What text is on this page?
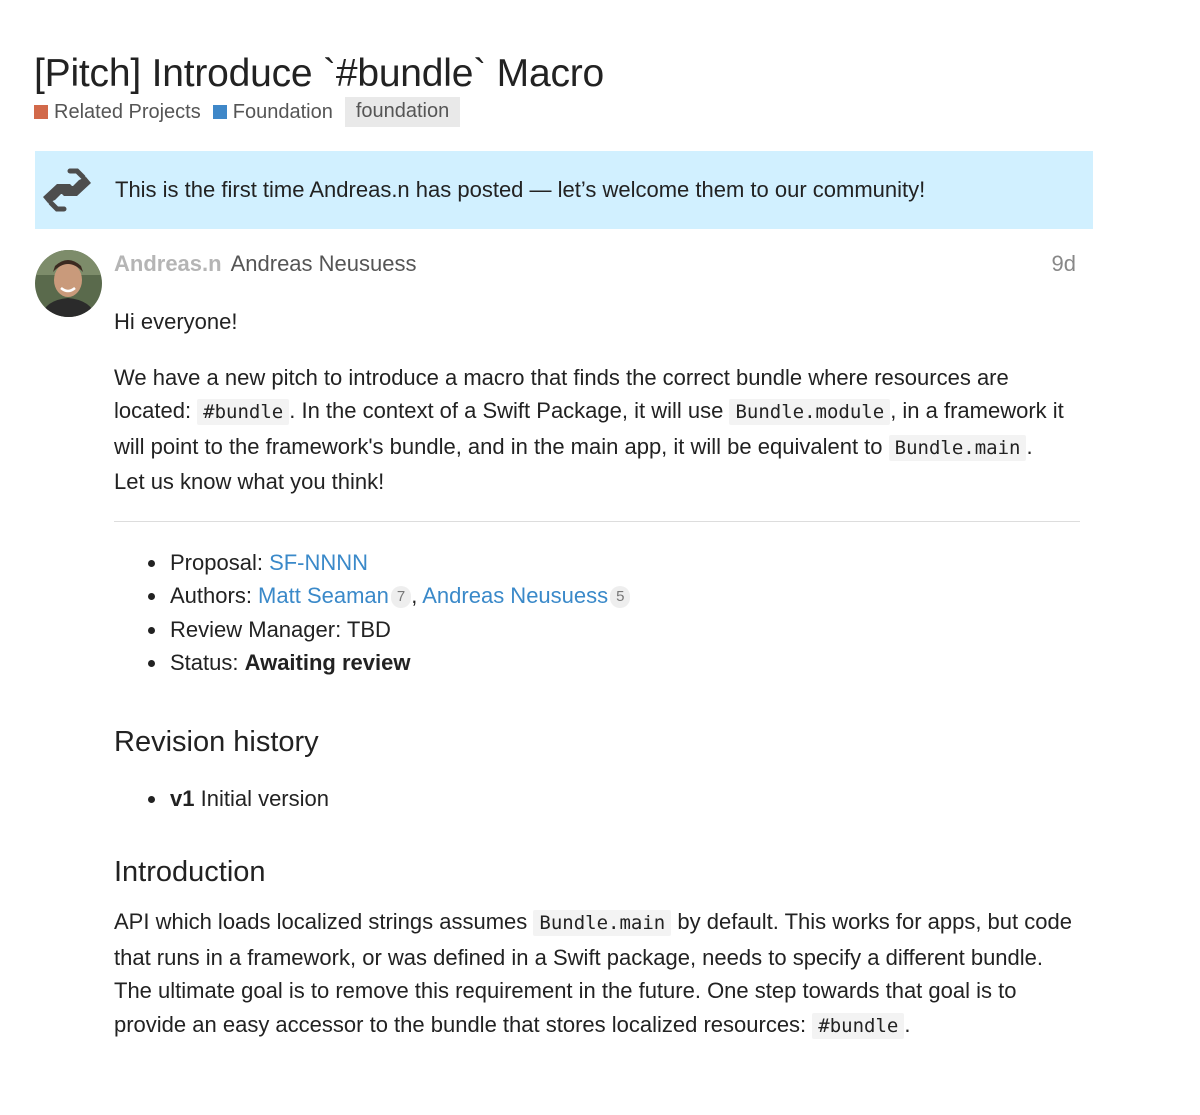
[Pitch] Introduce `#bundle` Macro
Related Projects Foundation	foundation
This is the first time Andreas.n has posted — let’s welcome them to our community!
Andreas.n Andreas Neusuess	9d

Hi everyone!

We have a new pitch to introduce a macro that finds the correct bundle where resources are located: #bundle . In the context of a Swift Package, it will use Bundle.module , in a framework it will point to the framework's bundle, and in the main app, it will be equivalent to Bundle.main .

Let us know what you think!

Proposal: SF-NNNN
Authors: Matt Seaman 7 , Andreas Neusuess 5
Review Manager: TBD
Status: Awaiting review
Revision history
v1 Initial version
Introduction

API which loads localized strings assumes Bundle.main by default. This works for apps, but code that runs in a framework, or was defined in a Swift package, needs to specify a different bundle. The ultimate goal is to remove this requirement in the future. One step towards that goal is to provide an easy accessor to the bundle that stores localized resources: #bundle .
